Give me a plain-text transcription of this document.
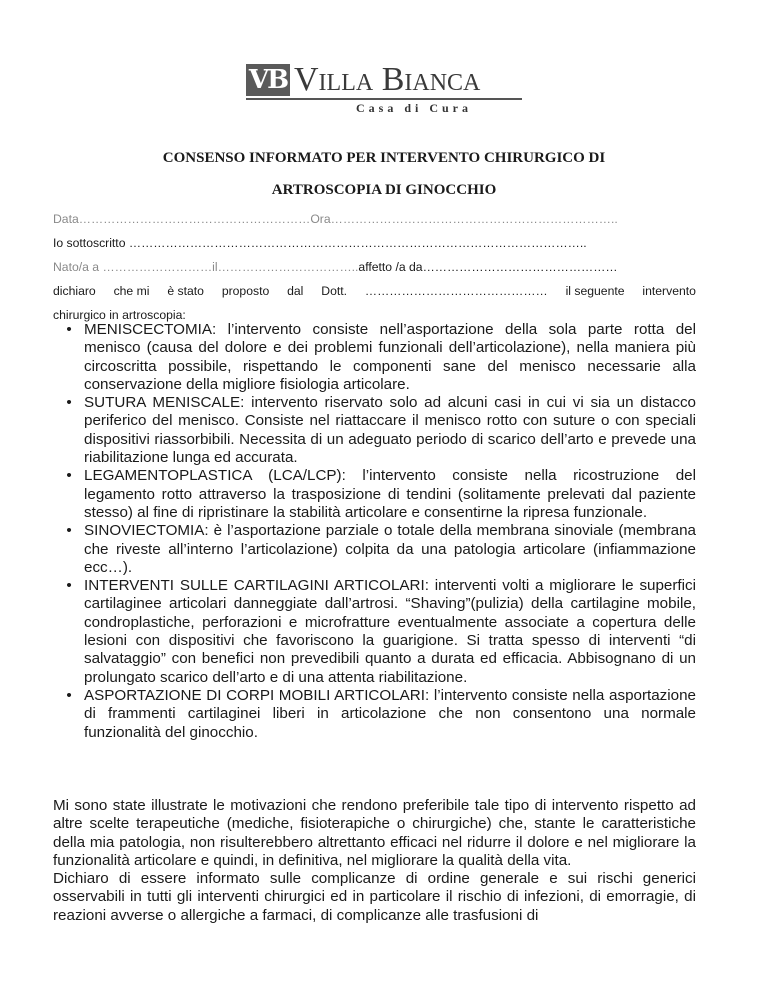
VB Villa Bianca
Casa di Cura
CONSENSO INFORMATO PER INTERVENTO CHIRURGICO DI
ARTROSCOPIA DI GINOCCHIO
Data…………………………………………………Ora……………………………………………………………..
Io sottoscritto …………………………………………………………………………………………………..
Nato/a a ………………………il……………………………..affetto /a da…………………………………………
dichiaro che mi è stato proposto dal Dott. ……………………………………… il seguente intervento
chirurgico in artroscopia:
• MENISCECTOMIA: l’intervento consiste nell’asportazione della sola parte rotta del menisco (causa del dolore e dei problemi funzionali dell’articolazione), nella maniera più circoscritta possibile, rispettando le componenti sane del menisco necessarie alla conservazione della migliore fisiologia articolare.
• SUTURA MENISCALE: intervento riservato solo ad alcuni casi in cui vi sia un distacco periferico del menisco. Consiste nel riattaccare il menisco rotto con suture o con speciali dispositivi riassorbibili. Necessita di un adeguato periodo di scarico dell’arto e prevede una riabilitazione lunga ed accurata.
• LEGAMENTOPLASTICA (LCA/LCP): l’intervento consiste nella ricostruzione del legamento rotto attraverso la trasposizione di tendini (solitamente prelevati dal paziente stesso) al fine di ripristinare la stabilità articolare e consentirne la ripresa funzionale.
• SINOVIECTOMIA: è l’asportazione parziale o totale della membrana sinoviale (membrana che riveste all’interno l’articolazione) colpita da una patologia articolare (infiammazione ecc…).
• INTERVENTI SULLE CARTILAGINI ARTICOLARI: interventi volti a migliorare le superfici cartilaginee articolari danneggiate dall’artrosi. “Shaving”(pulizia) della cartilagine mobile, condroplastiche, perforazioni e microfratture eventualmente associate a copertura delle lesioni con dispositivi che favoriscono la guarigione. Si tratta spesso di interventi “di salvataggio” con benefici non prevedibili quanto a durata ed efficacia. Abbisognano di un prolungato scarico dell’arto e di una attenta riabilitazione.
• ASPORTAZIONE DI CORPI MOBILI ARTICOLARI: l’intervento consiste nella asportazione di frammenti cartilaginei liberi in articolazione che non consentono una normale funzionalità del ginocchio.
Mi sono state illustrate le motivazioni che rendono preferibile tale tipo di intervento rispetto ad altre scelte terapeutiche (mediche, fisioterapiche o chirurgiche) che, stante le caratteristiche della mia patologia, non risulterebbero altrettanto efficaci nel ridurre il dolore e nel migliorare la funzionalità articolare e quindi, in definitiva, nel migliorare la qualità della vita.
Dichiaro di essere informato sulle complicanze di ordine generale e sui rischi generici osservabili in tutti gli interventi chirurgici ed in particolare il rischio di infezioni, di emorragie, di reazioni avverse o allergiche a farmaci, di complicanze alle trasfusioni di
